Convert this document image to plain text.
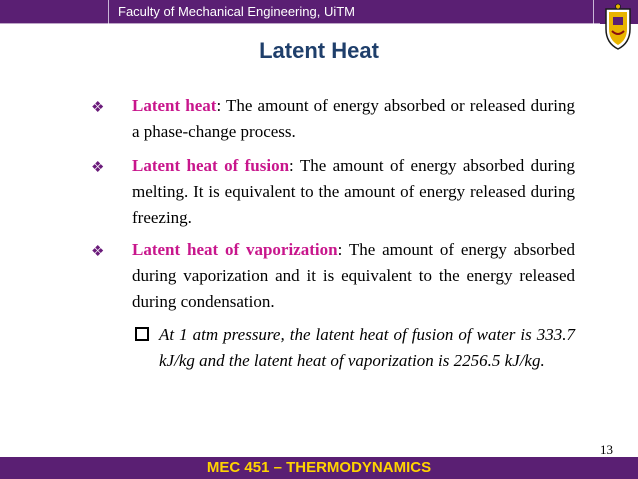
Faculty of Mechanical Engineering, UiTM
Latent Heat
❖ Latent heat: The amount of energy absorbed or released during a phase-change process.

❖ Latent heat of fusion: The amount of energy absorbed during melting. It is equivalent to the amount of energy released during freezing.

❖ Latent heat of vaporization: The amount of energy absorbed during vaporization and it is equivalent to the energy released during condensation.

At 1 atm pressure, the latent heat of fusion of water is 333.7 kJ/kg and the latent heat of vaporization is 2256.5 kJ/kg.

13
MEC 451 – THERMODYNAMICS
